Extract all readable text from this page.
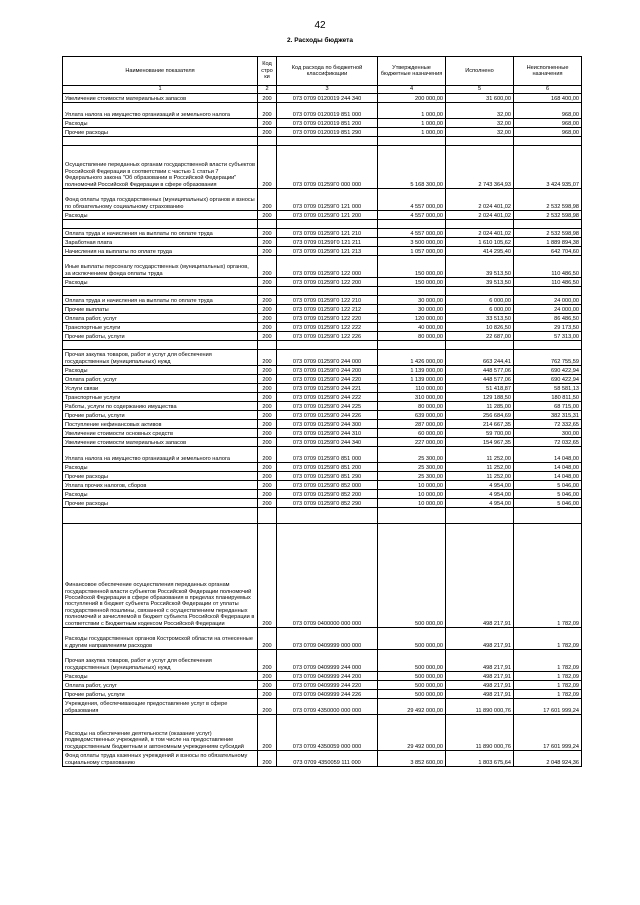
42
2. Расходы бюджета
Наименование показателя	Код стро ки	Код расхода по бюджетной классификации	Утвержденные бюджетные назначения	Исполнено	Неисполненные назначения
1	2	3	4	5	6
Увеличение стоимости материальных запасов	200	073 0709 0120019 244 340	200 000,00	31 600,00	168 400,00
Уплата налога на имущество организаций и земельного налога	200	073 0709 0120019 851 000	1 000,00	32,00	968,00
Расходы	200	073 0709 0120019 851 200	1 000,00	32,00	968,00
Прочие расходы	200	073 0709 0120019 851 290	1 000,00	32,00	968,00

Осуществление переданных органам государственной власти субъектов Российской Федерации в соответствии с частью 1 статьи 7 Федерального закона "Об образовании в Российской Федерации" полномочий Российской Федерации в сфере образования	200	073 0709 01259Г0 000 000	5 168 300,00	2 743 364,93	3 424 935,07
Фонд оплаты труда государственных (муниципальных) органов и взносы по обязательному социальному страхованию	200	073 0709 01259Г0 121 000	4 557 000,00	2 024 401,02	2 532 598,98
Расходы	200	073 0709 01259Г0 121 200	4 557 000,00	2 024 401,02	2 532 598,98

Оплата труда и начисления на выплаты по оплате труда	200	073 0709 01259Г0 121 210	4 557 000,00	2 024 401,02	2 532 598,98
Заработная плата	200	073 0709 01259Г0 121 211	3 500 000,00	1 610 105,62	1 889 894,38
Начисления на выплаты по оплате труда	200	073 0709 01259Г0 121 213	1 057 000,00	414 295,40	642 704,60
Иные выплаты персоналу государственных (муниципальных) органов, за исключением фонда оплаты труда	200	073 0709 01259Г0 122 000	150 000,00	39 513,50	110 486,50
Расходы	200	073 0709 01259Г0 122 200	150 000,00	39 513,50	110 486,50

Оплата труда и начисления на выплаты по оплате труда	200	073 0709 01259Г0 122 210	30 000,00	6 000,00	24 000,00
Прочие выплаты	200	073 0709 01259Г0 122 212	30 000,00	6 000,00	24 000,00
Оплата работ, услуг	200	073 0709 01259Г0 122 220	120 000,00	33 513,50	86 486,50
Транспортные услуги	200	073 0709 01259Г0 122 222	40 000,00	10 826,50	29 173,50
Прочие работы, услуги	200	073 0709 01259Г0 122 226	80 000,00	22 687,00	57 313,00

Прочая закупка товаров, работ и услуг для обеспечения государственных (муниципальных) нужд	200	073 0709 01259Г0 244 000	1 426 000,00	663 244,41	762 755,59
Расходы	200	073 0709 01259Г0 244 200	1 139 000,00	448 577,06	690 422,94
Оплата работ, услуг	200	073 0709 01259Г0 244 220	1 139 000,00	448 577,06	690 422,94
Услуги связи	200	073 0709 01259Г0 244 221	110 000,00	51 418,87	58 581,13
Транспортные услуги	200	073 0709 01259Г0 244 222	310 000,00	129 188,50	180 811,50
Работы, услуги по содержанию имущества	200	073 0709 01259Г0 244 225	80 000,00	11 285,00	68 715,00
Прочие работы, услуги	200	073 0709 01259Г0 244 226	639 000,00	256 684,69	382 315,31
Поступление нефинансовых активов	200	073 0709 01259Г0 244 300	287 000,00	214 667,35	72 332,65
Увеличение стоимости основных средств	200	073 0709 01259Г0 244 310	60 000,00	59 700,00	300,00
Увеличение стоимости материальных запасов	200	073 0709 01259Г0 244 340	227 000,00	154 967,35	72 032,65
Уплата налога на имущество организаций и земельного налога	200	073 0709 01259Г0 851 000	25 300,00	11 252,00	14 048,00
Расходы	200	073 0709 01259Г0 851 200	25 300,00	11 252,00	14 048,00
Прочие расходы	200	073 0709 01259Г0 851 290	25 300,00	11 252,00	14 048,00
Уплата прочих налогов, сборов	200	073 0709 01259Г0 852 000	10 000,00	4 954,00	5 046,00
Расходы	200	073 0709 01259Г0 852 200	10 000,00	4 954,00	5 046,00
Прочие расходы	200	073 0709 01259Г0 852 290	10 000,00	4 954,00	5 046,00

Финансовое обеспечение осуществления переданных органам государственной власти субъектов Российской Федерации полномочий Российской Федерации в сфере образования в пределах планируемых поступлений в бюджет субъекта Российской Федерации от уплаты государственной пошлины, связанной с осуществлением переданных полномочий и зачисляемой в бюджет субъекта Российской Федерации в соответствии с Бюджетным кодексом Российской Федерации	200	073 0709 0400000 000 000	500 000,00	498 217,91	1 782,09
Расходы государственных органов Костромской области на отнесенные к другим направлениям расходов	200	073 0709 0409999 000 000	500 000,00	498 217,91	1 782,09
Прочая закупка товаров, работ и услуг для обеспечения государственных (муниципальных) нужд	200	073 0709 0409999 244 000	500 000,00	498 217,91	1 782,09
Расходы	200	073 0709 0409999 244 200	500 000,00	498 217,91	1 782,09
Оплата работ, услуг	200	073 0709 0409999 244 220	500 000,00	498 217,91	1 782,09
Прочие работы, услуги	200	073 0709 0409999 244 226	500 000,00	498 217,91	1 782,09
Учреждения, обеспечивающие предоставление услуг в сфере образования	200	073 0709 4350000 000 000	29 492 000,00	11 890 000,76	17 601 999,24
Расходы на обеспечение деятельности (оказание услуг) подведомственных учреждений, в том числе на предоставление государственным бюджетным и автономным учреждениям субсидий	200	073 0709 4350059 000 000	29 492 000,00	11 890 000,76	17 601 999,24
Фонд оплаты труда казенных учреждений и взносы по обязательному социальному страхованию	200	073 0709 4350059 111 000	3 852 600,00	1 803 675,64	2 048 924,36
